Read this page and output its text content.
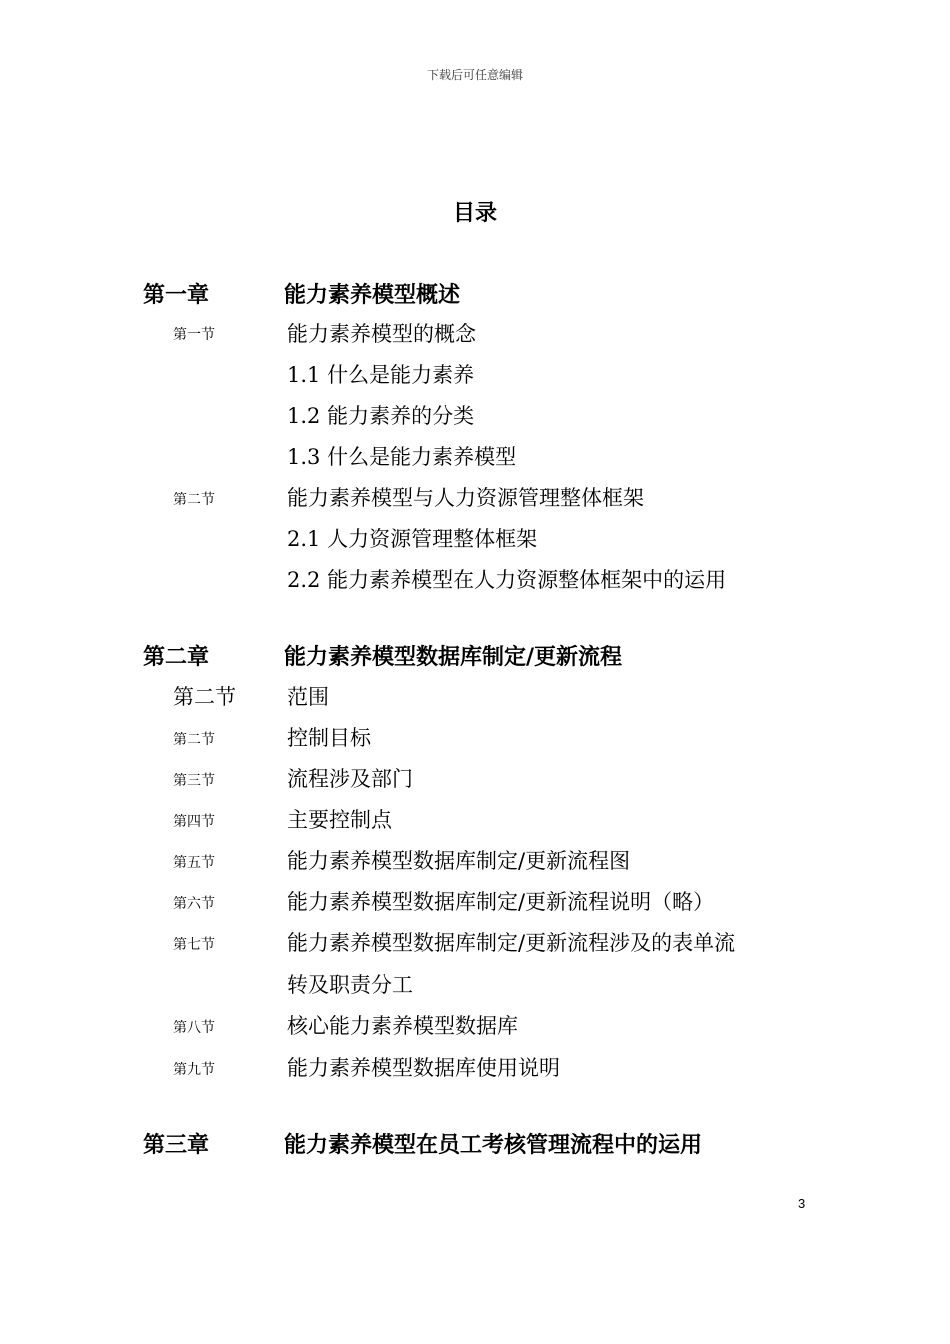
下载后可任意编辑
目录
第一章	能力素养模型概述
第一节	能力素养模型的概念
1.1 什么是能力素养
1.2 能力素养的分类
1.3 什么是能力素养模型
第二节	能力素养模型与人力资源管理整体框架
2.1 人力资源管理整体框架
2.2 能力素养模型在人力资源整体框架中的运用
第二章	能力素养模型数据库制定/更新流程
第二节 范围
第二节	控制目标
第三节	流程涉及部门
第四节	主要控制点
第五节	能力素养模型数据库制定/更新流程图
第六节	能力素养模型数据库制定/更新流程说明（略）
第七节	能力素养模型数据库制定/更新流程涉及的表单流
转及职责分工
第八节	核心能力素养模型数据库
第九节	能力素养模型数据库使用说明
第三章	能力素养模型在员工考核管理流程中的运用
3
